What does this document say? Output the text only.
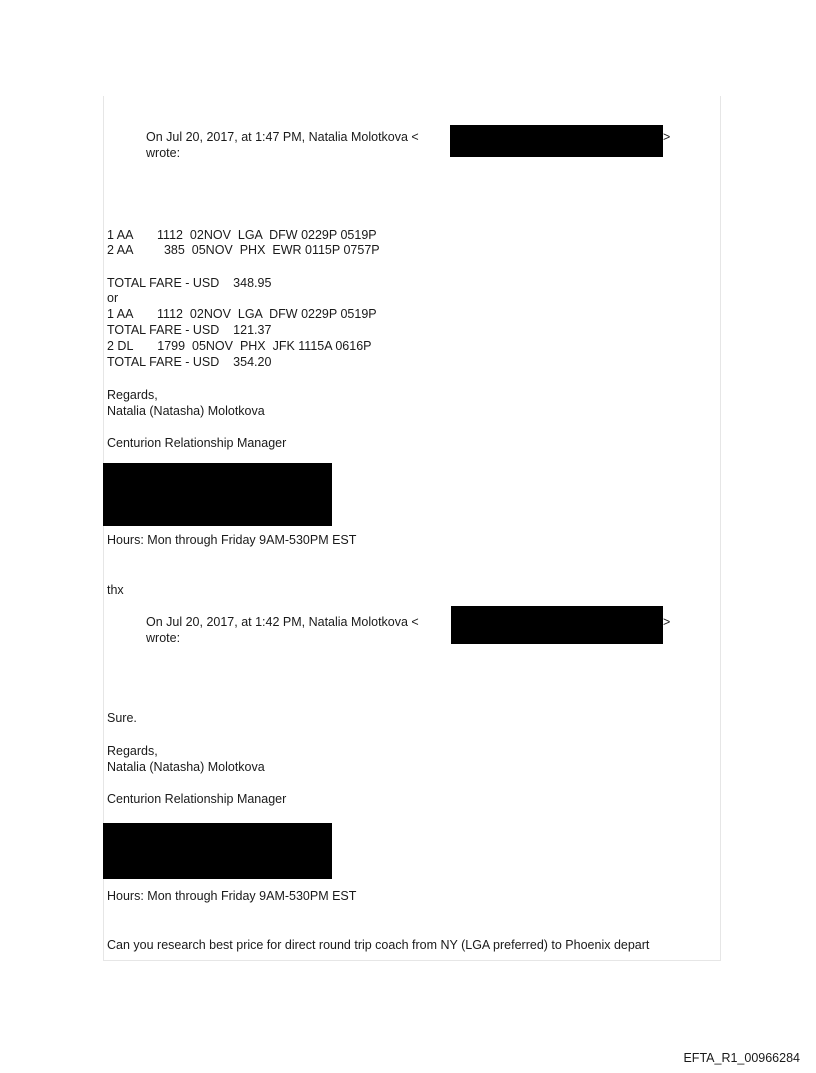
On Jul 20, 2017, at 1:47 PM, Natalia Molotkova <	>
wrote:
1 AA       1112  02NOV  LGA  DFW 0229P 0519P
2 AA         385  05NOV  PHX  EWR 0115P 0757P
TOTAL FARE - USD    348.95
or
1 AA       1112  02NOV  LGA  DFW 0229P 0519P
TOTAL FARE - USD    121.37
2 DL       1799  05NOV  PHX  JFK 1115A 0616P
TOTAL FARE - USD    354.20
Regards,
Natalia (Natasha) Molotkova
Centurion Relationship Manager
Hours: Mon through Friday 9AM-530PM EST
thx
On Jul 20, 2017, at 1:42 PM, Natalia Molotkova <	>
wrote:
Sure.
Regards,
Natalia (Natasha) Molotkova
Centurion Relationship Manager
Hours: Mon through Friday 9AM-530PM EST
Can you research best price for direct round trip coach from NY (LGA preferred) to Phoenix depart
EFTA_R1_00966284
